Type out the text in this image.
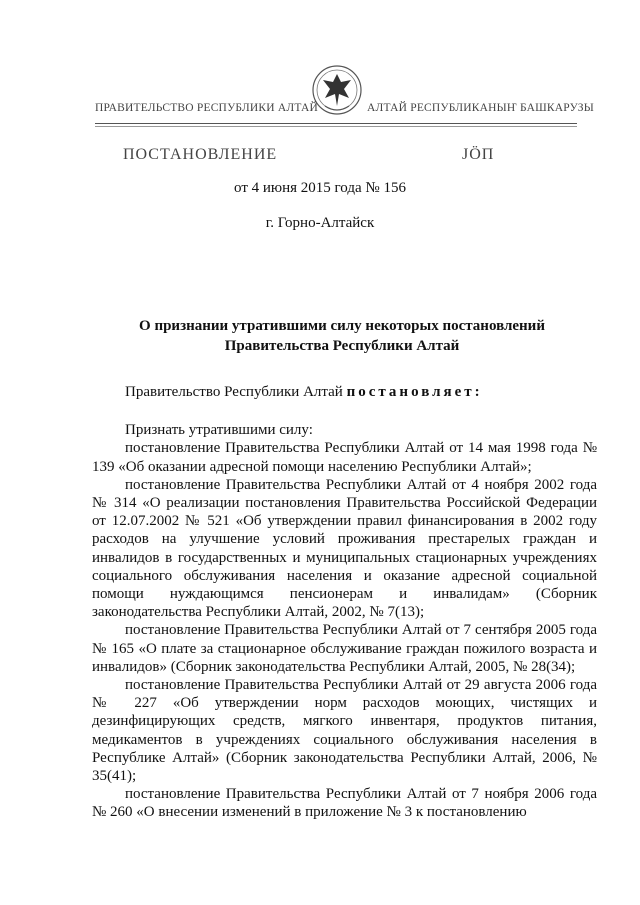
ПРАВИТЕЛЬСТВО РЕСПУБЛИКИ АЛТАЙ	АЛТАЙ РЕСПУБЛИКАНЫҤ БАШКАРУЗЫ
ПОСТАНОВЛЕНИЕ	ЈÖП
от 4 июня 2015 года № 156
г. Горно-Алтайск
О признании утратившими силу некоторых постановлений Правительства Республики Алтай

Правительство Республики Алтай постановляет:

Признать утратившими силу:

постановление Правительства Республики Алтай от 14 мая 1998 года № 139 «Об оказании адресной помощи населению Республики Алтай»;

постановление Правительства Республики Алтай от 4 ноября 2002 года № 314 «О реализации постановления Правительства Российской Федерации от 12.07.2002 № 521 «Об утверждении правил финансирования в 2002 году расходов на улучшение условий проживания престарелых граждан и инвалидов в государственных и муниципальных стационарных учреждениях социального обслуживания населения и оказание адресной социальной помощи нуждающимся пенсионерам и инвалидам» (Сборник законодательства Республики Алтай, 2002, № 7(13);

постановление Правительства Республики Алтай от 7 сентября 2005 года № 165 «О плате за стационарное обслуживание граждан пожилого возраста и инвалидов» (Сборник законодательства Республики Алтай, 2005, № 28(34);

постановление Правительства Республики Алтай от 29 августа 2006 года № 227 «Об утверждении норм расходов моющих, чистящих и дезинфицирующих средств, мягкого инвентаря, продуктов питания, медикаментов в учреждениях социального обслуживания населения в Республике Алтай» (Сборник законодательства Республики Алтай, 2006, № 35(41);

постановление Правительства Республики Алтай от 7 ноября 2006 года № 260 «О внесении изменений в приложение № 3 к постановлению
